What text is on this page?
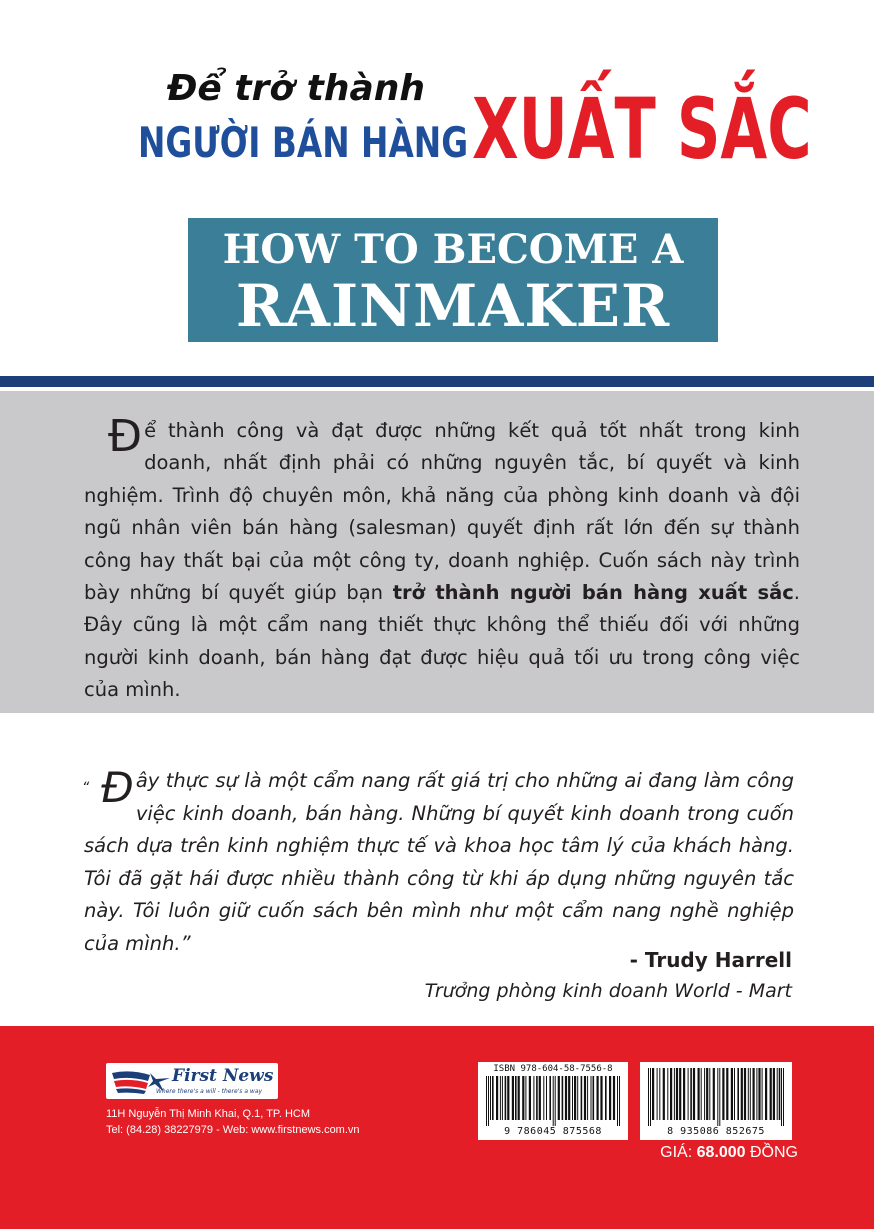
Để trở thành
NGƯỜI BÁN HÀNG XUẤT SẮC
HOW TO BECOME A
RAINMAKER

Để thành công và đạt được những kết quả tốt nhất trong kinh doanh, nhất định phải có những nguyên tắc, bí quyết và kinh nghiệm. Trình độ chuyên môn, khả năng của phòng kinh doanh và đội ngũ nhân viên bán hàng (salesman) quyết định rất lớn đến sự thành công hay thất bại của một công ty, doanh nghiệp. Cuốn sách này trình bày những bí quyết giúp bạn trở thành người bán hàng xuất sắc. Đây cũng là một cẩm nang thiết thực không thể thiếu đối với những người kinh doanh, bán hàng đạt được hiệu quả tối ưu trong công việc của mình.

“ Đ ây thực sự là một cẩm nang rất giá trị cho những ai đang làm công việc kinh doanh, bán hàng. Những bí quyết kinh doanh trong cuốn sách dựa trên kinh nghiệm thực tế và khoa học tâm lý của khách hàng. Tôi đã gặt hái được nhiều thành công từ khi áp dụng những nguyên tắc này. Tôi luôn giữ cuốn sách bên mình như một cẩm nang nghề nghiệp của mình.”

- Trudy Harrell
Trưởng phòng kinh doanh World - Mart
First News
Where there's a will - there's a way
11H Nguyễn Thị Minh Khai, Q.1, TP. HCM
Tel: (84.28) 38227979 - Web: www.firstnews.com.vn
ISBN 978-604-58-7556-8
9 786045 875568	8 935086 852675
GIÁ: 68.000 ĐỒNG
